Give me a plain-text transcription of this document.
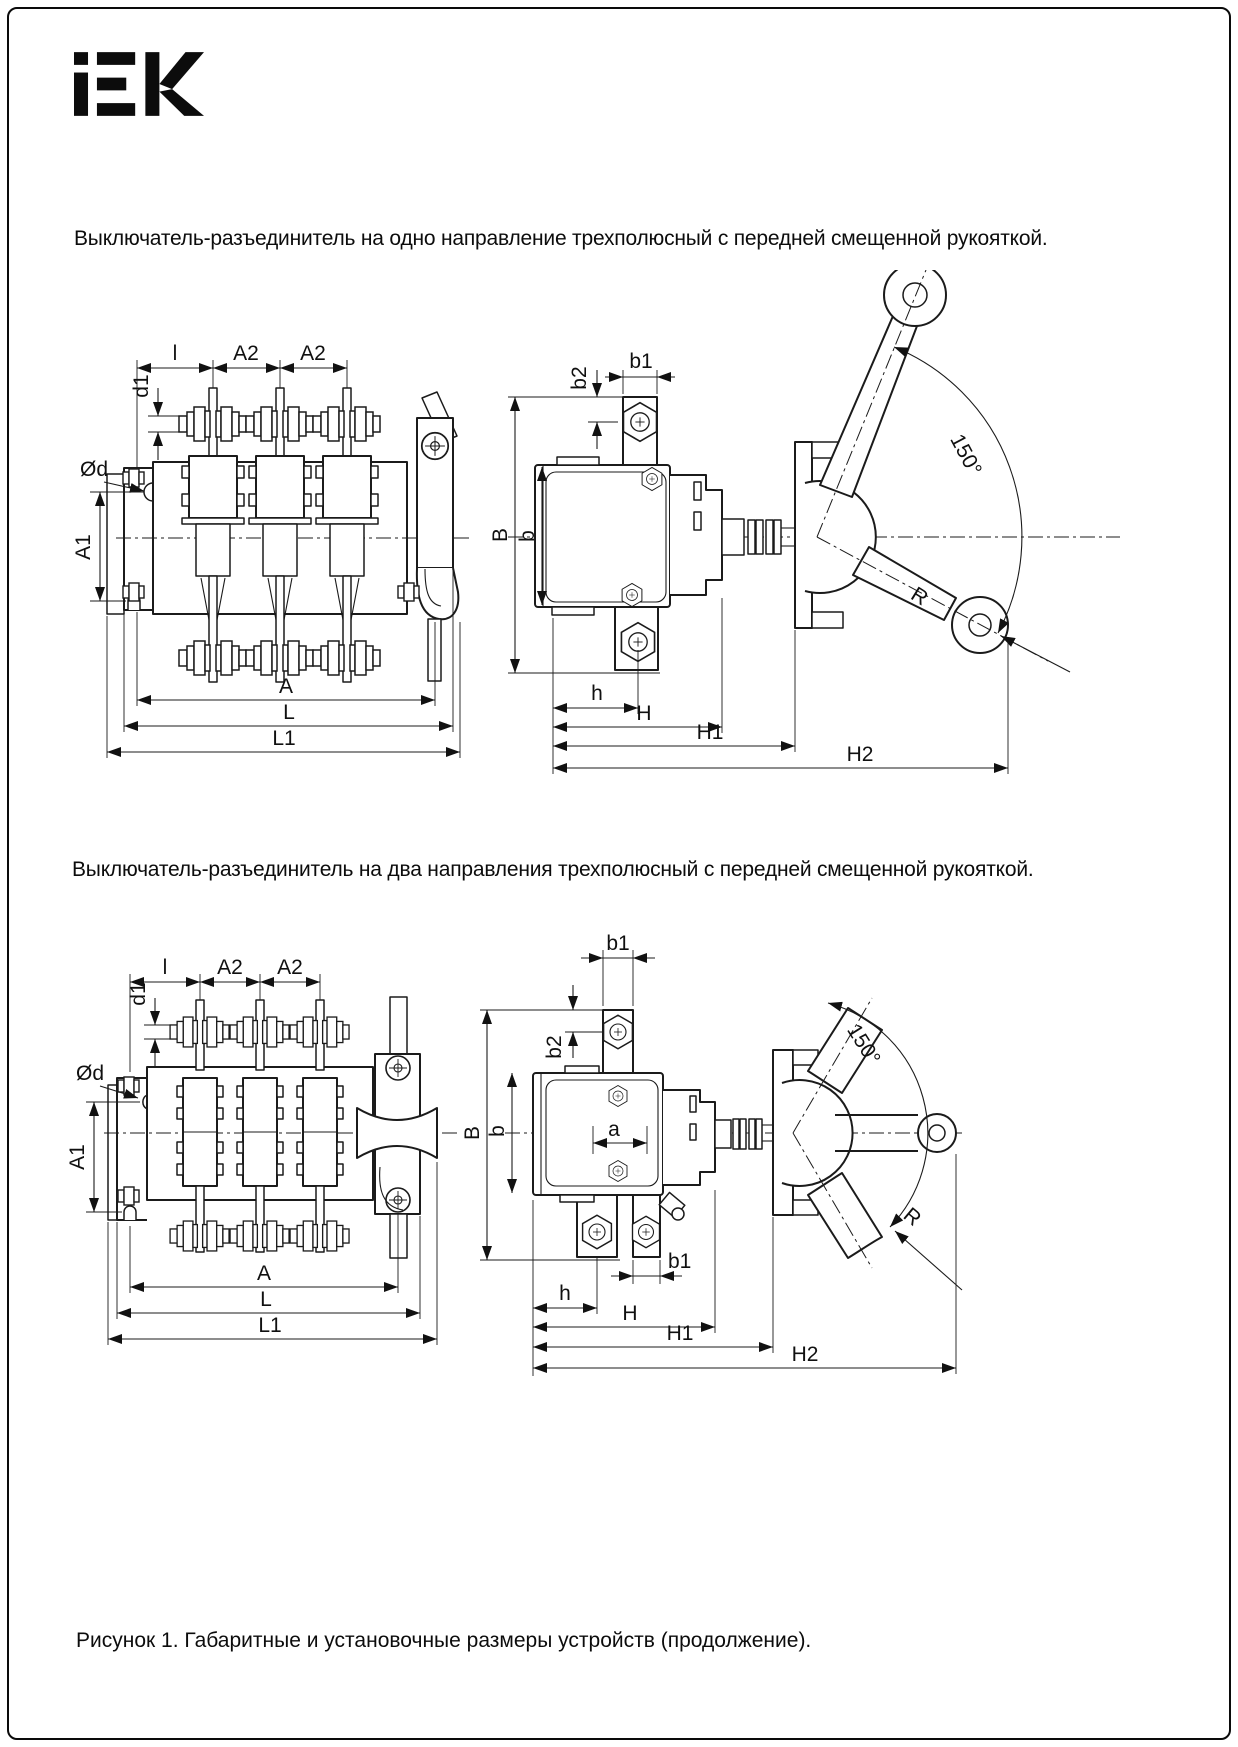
Выключатель-разъединитель на одно направление трехполюсный с передней смещенной рукояткой.
l	A2 A2
d1
Ød
A1
A
L
L1
150°
R
b2
b1
B b
h
H
H1
H2
Выключатель-разъединитель на два направления трехполюсный с передней смещенной рукояткой.
l A2 A2
d1
Ød
A1
A
L
L1
a
150°
R
b1
b2
B b
b1
h
H
H1
H2
Рисунок 1. Габаритные и установочные размеры устройств (продолжение).
